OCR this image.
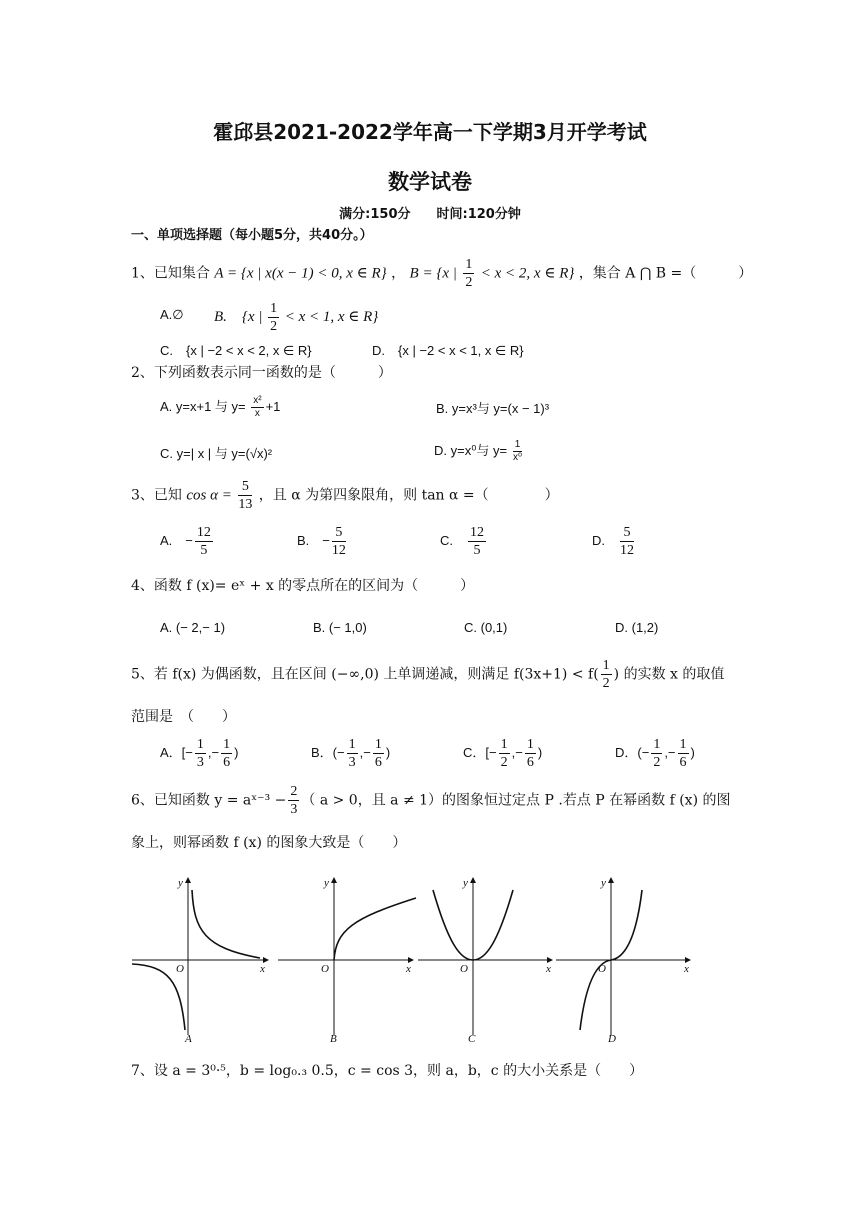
霍邱县2021-2022学年高一下学期3月开学考试
数学试卷
满分:150分　　时间:120分钟
一、单项选择题（每小题5分，共40分。）
1、已知集合 A = {x | x(x − 1) < 0, x ∈ R} ， B = {x | $\frac{1}{2} < x < 2$, x ∈ R} ，集合 A ⋂ B =（　　　）
A.∅ B.　{x | $\frac{1}{2} < x < 1$, x ∈ R}
C.　{x | −2 < x < 2, x ∈ R}	D.　{x | −2 < x < 1, x ∈ R}
2、下列函数表示同一函数的是（　　　）
A. y=x+1 与 $y= \frac{\text{x²}}{x} +1$	B. y=x³与 y=(x − 1)³
C. y=| x | 与 y=(√x)²	D. y=x⁰与 $y= \frac{1}{\text{x⁰}}$
3、已知 $\cos \alpha = \frac{5}{13}$ ，且 α 为第四象限角，则 tan α =（　　　　）
A.　− $\frac{12}{5}$	B.　− $\frac{5}{12}$	C.　 $\frac{12}{5}$	D.　 $\frac{5}{12}$
4、函数 f (x)= eˣ + x 的零点所在的区间为（　　　）
A. (− 2,− 1)	B. (− 1,0)	C. (0,1)	D. (1,2)
5、若 f(x) 为偶函数，且在区间 (−∞,0) 上单调递减，则满足 $f(3x+1) < f( \frac{1}{2}$ ) 的实数 x 的取值
范围是　（　　）
A．[− $\frac{1}{3}$ ,− $\frac{1}{6}$ )	B．(− $\frac{1}{3}$ ,− $\frac{1}{6}$ )	C．[− $\frac{1}{2}$ ,− $\frac{1}{6}$ )	D．(− $\frac{1}{2}$ ,− $\frac{1}{6}$ )
6、已知函数 y = aˣ⁻³ − $\frac{2}{3}$ （ a > 0，且 a ≠ 1）的图象恒过定点 P .若点 P 在幂函数 f (x) 的图
象上，则幂函数 f (x) 的图象大致是（　　）
y
x
O
A
y
x
O
B
y
x
O
C
y
x
O
D
7、设 a = 3⁰·⁵，b = log₀.₃ 0.5，c = cos 3，则 a，b，c 的大小关系是（　　）
